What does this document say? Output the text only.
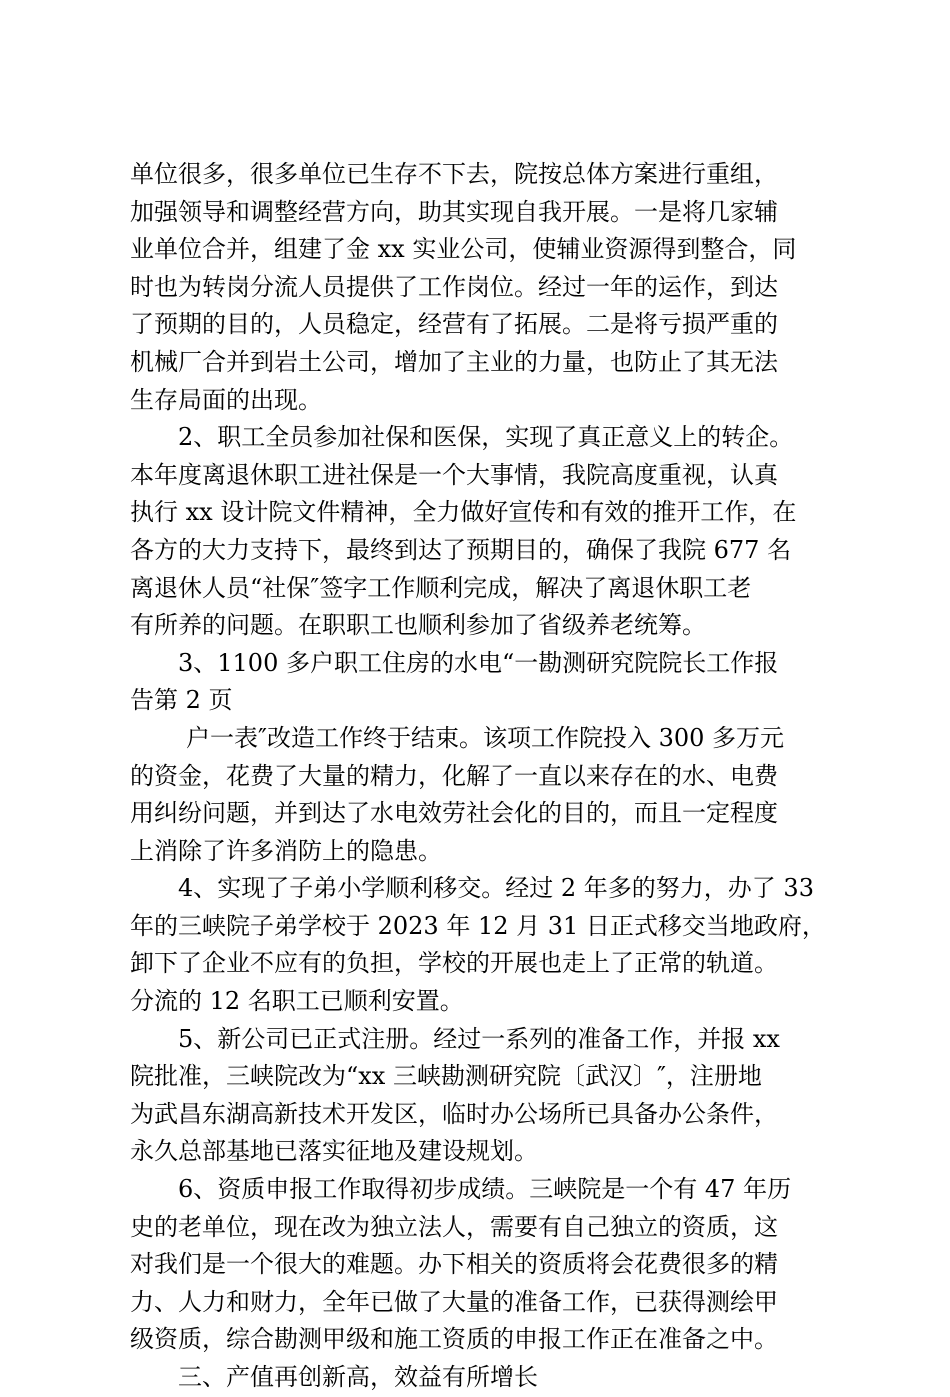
单位很多，很多单位已生存不下去，院按总体方案进行重组，
加强领导和调整经营方向，助其实现自我开展。一是将几家辅
业单位合并，组建了金 xx 实业公司，使辅业资源得到整合，同
时也为转岗分流人员提供了工作岗位。经过一年的运作，到达
了预期的目的，人员稳定，经营有了拓展。二是将亏损严重的
机械厂合并到岩土公司，增加了主业的力量，也防止了其无法
生存局面的出现。
2、职工全员参加社保和医保，实现了真正意义上的转企。
本年度离退休职工进社保是一个大事情，我院高度重视，认真
执行 xx 设计院文件精神，全力做好宣传和有效的推开工作，在
各方的大力支持下，最终到达了预期目的，确保了我院 677 名
离退休人员“社保″签字工作顺利完成，解决了离退休职工老
有所养的问题。在职职工也顺利参加了省级养老统筹。
3、1100 多户职工住房的水电“一勘测研究院院长工作报
告第 2 页
户一表″改造工作终于结束。该项工作院投入 300 多万元
的资金，花费了大量的精力，化解了一直以来存在的水、电费
用纠纷问题，并到达了水电效劳社会化的目的，而且一定程度
上消除了许多消防上的隐患。
4、实现了子弟小学顺利移交。经过 2 年多的努力，办了 33
年的三峡院子弟学校于 2023 年 12 月 31 日正式移交当地政府，
卸下了企业不应有的负担，学校的开展也走上了正常的轨道。
分流的 12 名职工已顺利安置。
5、新公司已正式注册。经过一系列的准备工作，并报 xx
院批准，三峡院改为“xx 三峡勘测研究院〔武汉〕″，注册地
为武昌东湖高新技术开发区，临时办公场所已具备办公条件，
永久总部基地已落实征地及建设规划。
6、资质申报工作取得初步成绩。三峡院是一个有 47 年历
史的老单位，现在改为独立法人，需要有自己独立的资质，这
对我们是一个很大的难题。办下相关的资质将会花费很多的精
力、人力和财力，全年已做了大量的准备工作，已获得测绘甲
级资质，综合勘测甲级和施工资质的申报工作正在准备之中。
三、产值再创新高，效益有所增长
